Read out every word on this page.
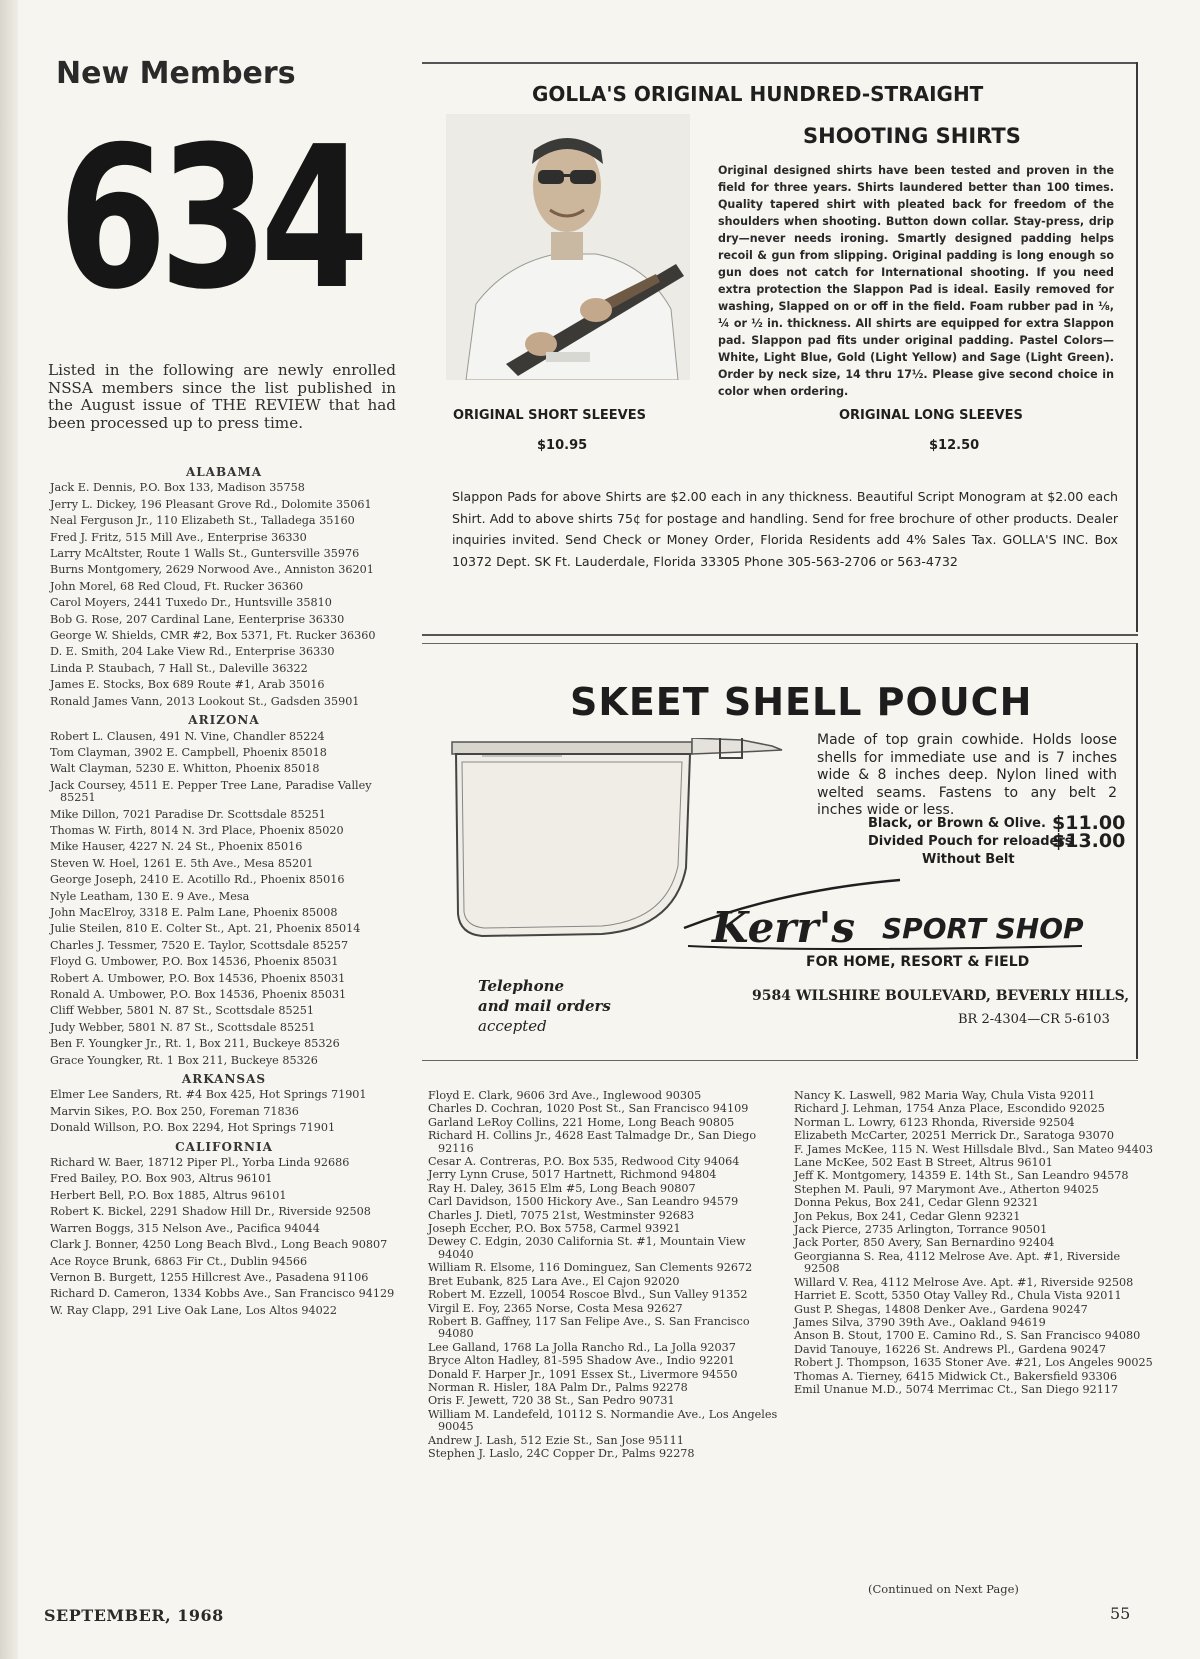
New Members
634
Listed in the following are newly enrolled NSSA members since the list published in the August issue of THE REVIEW that had been processed up to press time.
ALABAMA
Jack E. Dennis, P.O. Box 133, Madison 35758
Jerry L. Dickey, 196 Pleasant Grove Rd., Dolomite 35061
Neal Ferguson Jr., 110 Elizabeth St., Talladega 35160
Fred J. Fritz, 515 Mill Ave., Enterprise 36330
Larry McAltster, Route 1 Walls St., Guntersville 35976
Burns Montgomery, 2629 Norwood Ave., Anniston 36201
John Morel, 68 Red Cloud, Ft. Rucker 36360
Carol Moyers, 2441 Tuxedo Dr., Huntsville 35810
Bob G. Rose, 207 Cardinal Lane, Eenterprise 36330
George W. Shields, CMR #2, Box 5371, Ft. Rucker 36360
D. E. Smith, 204 Lake View Rd., Enterprise 36330
Linda P. Staubach, 7 Hall St., Daleville 36322
James E. Stocks, Box 689 Route #1, Arab 35016
Ronald James Vann, 2013 Lookout St., Gadsden 35901
ARIZONA
Robert L. Clausen, 491 N. Vine, Chandler 85224
Tom Clayman, 3902 E. Campbell, Phoenix 85018
Walt Clayman, 5230 E. Whitton, Phoenix 85018
Jack Coursey, 4511 E. Pepper Tree Lane, Paradise Valley 85251
Mike Dillon, 7021 Paradise Dr. Scottsdale 85251
Thomas W. Firth, 8014 N. 3rd Place, Phoenix 85020
Mike Hauser, 4227 N. 24 St., Phoenix 85016
Steven W. Hoel, 1261 E. 5th Ave., Mesa 85201
George Joseph, 2410 E. Acotillo Rd., Phoenix 85016
Nyle Leatham, 130 E. 9 Ave., Mesa
John MacElroy, 3318 E. Palm Lane, Phoenix 85008
Julie Steilen, 810 E. Colter St., Apt. 21, Phoenix 85014
Charles J. Tessmer, 7520 E. Taylor, Scottsdale 85257
Floyd G. Umbower, P.O. Box 14536, Phoenix 85031
Robert A. Umbower, P.O. Box 14536, Phoenix 85031
Ronald A. Umbower, P.O. Box 14536, Phoenix 85031
Cliff Webber, 5801 N. 87 St., Scottsdale 85251
Judy Webber, 5801 N. 87 St., Scottsdale 85251
Ben F. Youngker Jr., Rt. 1, Box 211, Buckeye 85326
Grace Youngker, Rt. 1 Box 211, Buckeye 85326
ARKANSAS
Elmer Lee Sanders, Rt. #4 Box 425, Hot Springs 71901
Marvin Sikes, P.O. Box 250, Foreman 71836
Donald Willson, P.O. Box 2294, Hot Springs 71901
CALIFORNIA
Richard W. Baer, 18712 Piper Pl., Yorba Linda 92686
Fred Bailey, P.O. Box 903, Altrus 96101
Herbert Bell, P.O. Box 1885, Altrus 96101
Robert K. Bickel, 2291 Shadow Hill Dr., Riverside 92508
Warren Boggs, 315 Nelson Ave., Pacifica 94044
Clark J. Bonner, 4250 Long Beach Blvd., Long Beach 90807
Ace Royce Brunk, 6863 Fir Ct., Dublin 94566
Vernon B. Burgett, 1255 Hillcrest Ave., Pasadena 91106
Richard D. Cameron, 1334 Kobbs Ave., San Francisco 94129
W. Ray Clapp, 291 Live Oak Lane, Los Altos 94022
GOLLA'S ORIGINAL HUNDRED-STRAIGHT
SHOOTING SHIRTS
Original designed shirts have been tested and proven in the field for three years. Shirts laundered better than 100 times. Quality tapered shirt with pleated back for freedom of the shoulders when shooting. Button down collar. Stay-press, drip dry—never needs ironing. Smartly designed padding helps recoil & gun from slipping. Original padding is long enough so gun does not catch for International shooting. If you need extra protection the Slappon Pad is ideal. Easily removed for washing, Slapped on or off in the field. Foam rubber pad in ⅛, ¼ or ½ in. thickness. All shirts are equipped for extra Slappon pad. Slappon pad fits under original padding. Pastel Colors—White, Light Blue, Gold (Light Yellow) and Sage (Light Green). Order by neck size, 14 thru 17½. Please give second choice in color when ordering.
ORIGINAL SHORT SLEEVES
$10.95
ORIGINAL LONG SLEEVES
$12.50
Slappon Pads for above Shirts are $2.00 each in any thickness. Beautiful Script Monogram at $2.00 each Shirt. Add to above shirts 75¢ for postage and handling. Send for free brochure of other products. Dealer inquiries invited. Send Check or Money Order, Florida Residents add 4% Sales Tax. GOLLA'S INC. Box 10372 Dept. SK Ft. Lauderdale, Florida 33305 Phone 305-563-2706 or 563-4732
SKEET SHELL POUCH
Made of top grain cowhide. Holds loose shells for immediate use and is 7 inches wide & 8 inches deep. Nylon lined with welted seams. Fastens to any belt 2 inches wide or less.
Black, or Brown & Olive. $11.00
Divided Pouch for reloaders
$13.00
Without Belt
Kerr's SPORT SHOP
FOR HOME, RESORT & FIELD
Telephone
and mail orders
accepted
9584 WILSHIRE BOULEVARD, BEVERLY HILLS,
BR 2-4304—CR 5-6103
Floyd E. Clark, 9606 3rd Ave., Inglewood 90305
Charles D. Cochran, 1020 Post St., San Francisco 94109
Garland LeRoy Collins, 221 Home, Long Beach 90805
Richard H. Collins Jr., 4628 East Talmadge Dr., San Diego 92116
Cesar A. Contreras, P.O. Box 535, Redwood City 94064
Jerry Lynn Cruse, 5017 Hartnett, Richmond 94804
Ray H. Daley, 3615 Elm #5, Long Beach 90807
Carl Davidson, 1500 Hickory Ave., San Leandro 94579
Charles J. Dietl, 7075 21st, Westminster 92683
Joseph Eccher, P.O. Box 5758, Carmel 93921
Dewey C. Edgin, 2030 California St. #1, Mountain View 94040
William R. Elsome, 116 Dominguez, San Clements 92672
Bret Eubank, 825 Lara Ave., El Cajon 92020
Robert M. Ezzell, 10054 Roscoe Blvd., Sun Valley 91352
Virgil E. Foy, 2365 Norse, Costa Mesa 92627
Robert B. Gaffney, 117 San Felipe Ave., S. San Francisco 94080
Lee Galland, 1768 La Jolla Rancho Rd., La Jolla 92037
Bryce Alton Hadley, 81-595 Shadow Ave., Indio 92201
Donald F. Harper Jr., 1091 Essex St., Livermore 94550
Norman R. Hisler, 18A Palm Dr., Palms 92278
Oris F. Jewett, 720 38 St., San Pedro 90731
William M. Landefeld, 10112 S. Normandie Ave., Los Angeles 90045
Andrew J. Lash, 512 Ezie St., San Jose 95111
Stephen J. Laslo, 24C Copper Dr., Palms 92278
Nancy K. Laswell, 982 Maria Way, Chula Vista 92011
Richard J. Lehman, 1754 Anza Place, Escondido 92025
Norman L. Lowry, 6123 Rhonda, Riverside 92504
Elizabeth McCarter, 20251 Merrick Dr., Saratoga 93070
F. James McKee, 115 N. West Hillsdale Blvd., San Mateo 94403
Lane McKee, 502 East B Street, Altrus 96101
Jeff K. Montgomery, 14359 E. 14th St., San Leandro 94578
Stephen M. Pauli, 97 Marymont Ave., Atherton 94025
Donna Pekus, Box 241, Cedar Glenn 92321
Jon Pekus, Box 241, Cedar Glenn 92321
Jack Pierce, 2735 Arlington, Torrance 90501
Jack Porter, 850 Avery, San Bernardino 92404
Georgianna S. Rea, 4112 Melrose Ave. Apt. #1, Riverside 92508
Willard V. Rea, 4112 Melrose Ave. Apt. #1, Riverside 92508
Harriet E. Scott, 5350 Otay Valley Rd., Chula Vista 92011
Gust P. Shegas, 14808 Denker Ave., Gardena 90247
James Silva, 3790 39th Ave., Oakland 94619
Anson B. Stout, 1700 E. Camino Rd., S. San Francisco 94080
David Tanouye, 16226 St. Andrews Pl., Gardena 90247
Robert J. Thompson, 1635 Stoner Ave. #21, Los Angeles 90025
Thomas A. Tierney, 6415 Midwick Ct., Bakersfield 93306
Emil Unanue M.D., 5074 Merrimac Ct., San Diego 92117
(Continued on Next Page)
SEPTEMBER, 1968	55
